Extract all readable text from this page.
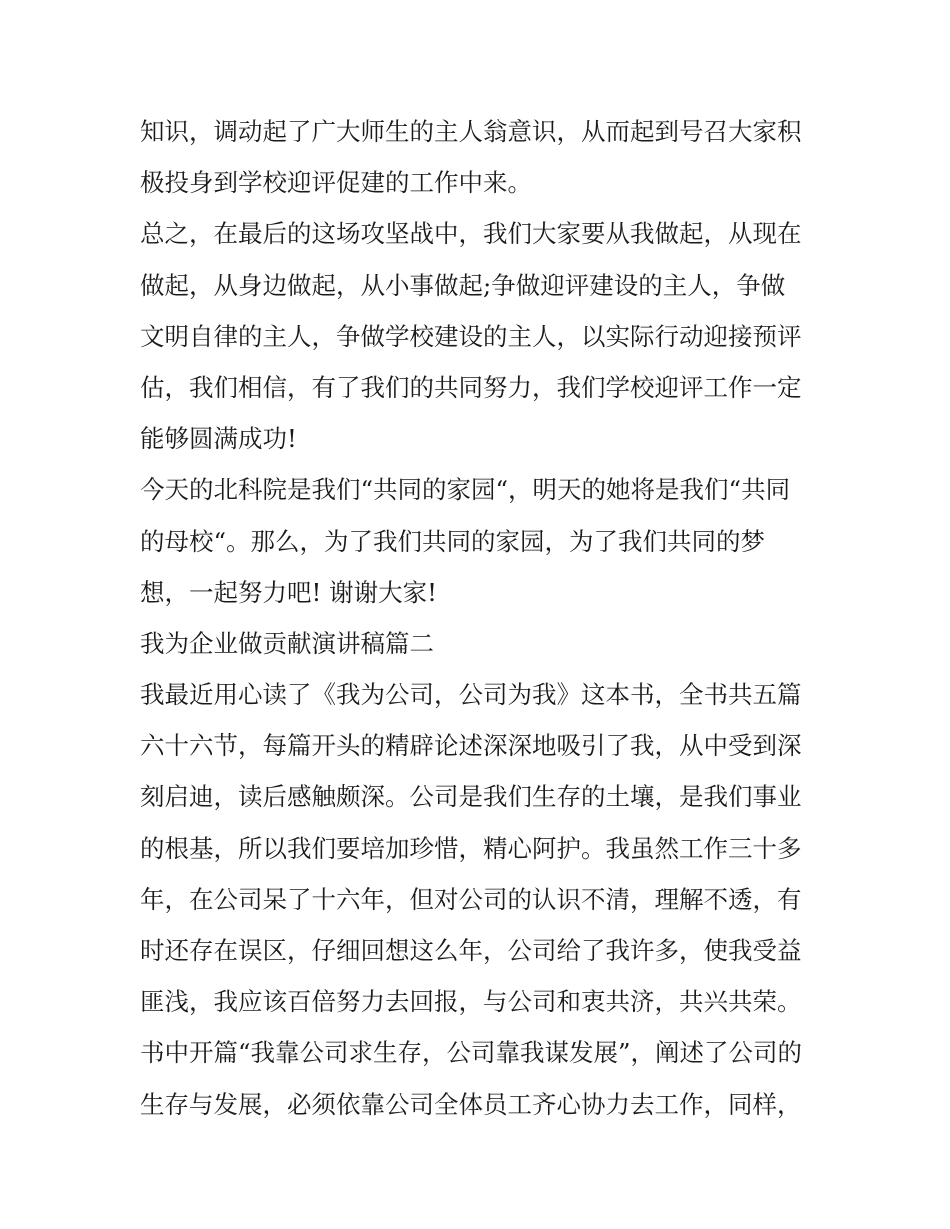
知识，调动起了广大师生的主人翁意识，从而起到号召大家积
极投身到学校迎评促建的工作中来。
总之，在最后的这场攻坚战中，我们大家要从我做起，从现在
做起，从身边做起，从小事做起;争做迎评建设的主人，争做
文明自律的主人，争做学校建设的主人，以实际行动迎接预评
估，我们相信，有了我们的共同努力，我们学校迎评工作一定
能够圆满成功!
今天的北科院是我们“共同的家园“，明天的她将是我们“共同
的母校“。那么，为了我们共同的家园，为了我们共同的梦
想，一起努力吧! 谢谢大家!
我为企业做贡献演讲稿篇二
我最近用心读了《我为公司，公司为我》这本书，全书共五篇
六十六节，每篇开头的精辟论述深深地吸引了我，从中受到深
刻启迪，读后感触颇深。公司是我们生存的土壤，是我们事业
的根基，所以我们要培加珍惜，精心阿护。我虽然工作三十多
年，在公司呆了十六年，但对公司的认识不清，理解不透，有
时还存在误区，仔细回想这么年，公司给了我许多，使我受益
匪浅，我应该百倍努力去回报，与公司和衷共济，共兴共荣。
书中开篇“我靠公司求生存，公司靠我谋发展”，阐述了公司的
生存与发展，必须依靠公司全体员工齐心协力去工作，同样，
